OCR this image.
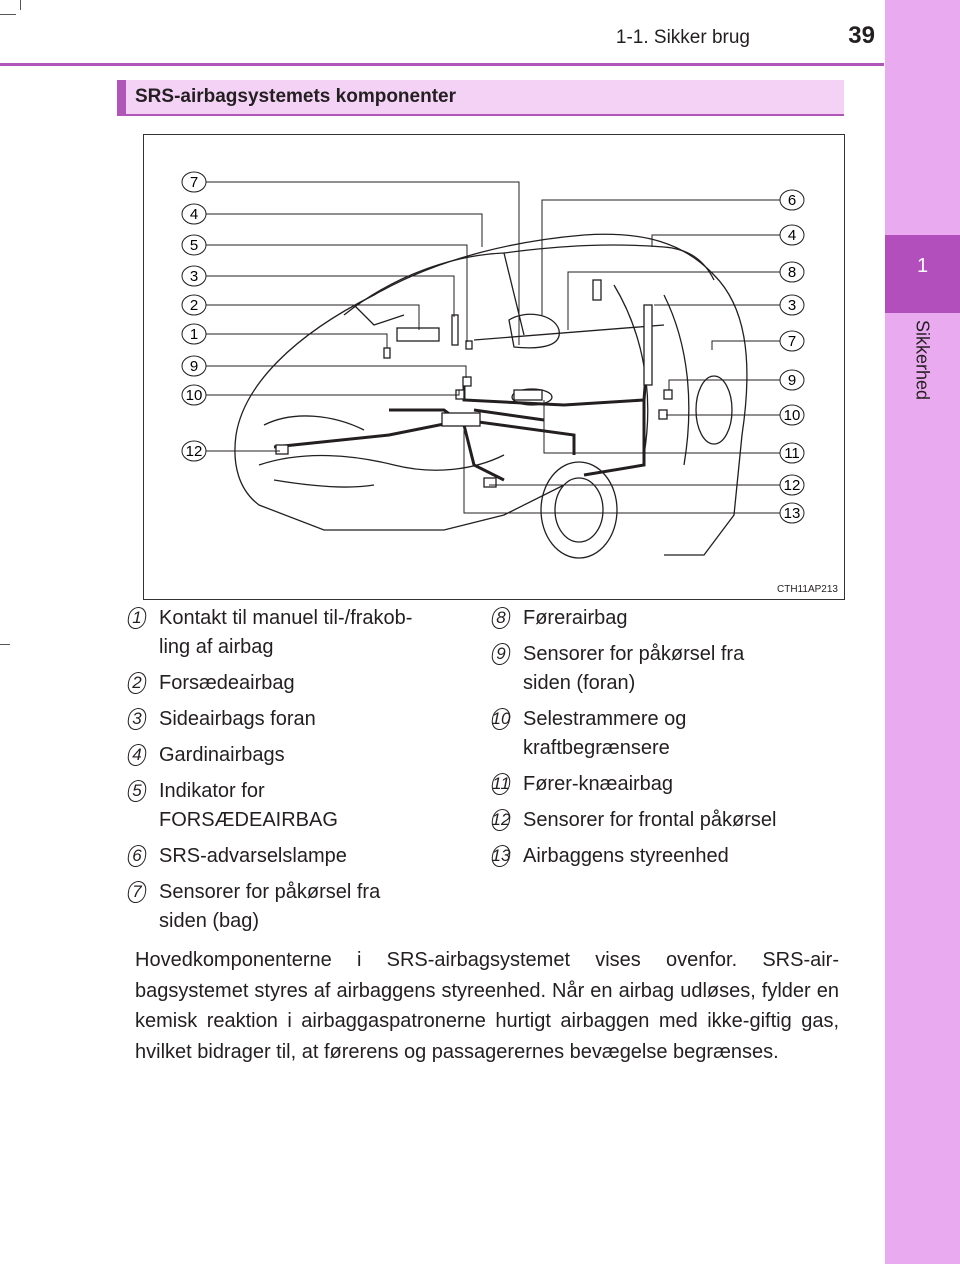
1
Sikkerhed
1-1. Sikker brug	39
SRS-airbagsystemets komponenter
7
4
5
3
2
1
9
10
12
6
4
8
3
7
9
10
11
12
13
CTH11AP213
1 Kontakt til manuel til-/frakob-
ling af airbag
2 Forsædeairbag
3 Sideairbags foran
4 Gardinairbags
5 Indikator for
FORSÆDEAIRBAG
6 SRS-advarselslampe
7 Sensorer for påkørsel fra
siden (bag)
8 Førerairbag
9 Sensorer for påkørsel fra
siden (foran)
10 Selestrammere og
kraftbegrænsere
11 Fører-knæairbag
12 Sensorer for frontal påkørsel
13 Airbaggens styreenhed
Hovedkomponenterne i SRS-airbagsystemet vises ovenfor. SRS-air-bagsystemet styres af airbaggens styreenhed. Når en airbag udløses, fylder en kemisk reaktion i airbaggaspatronerne hurtigt airbaggen med ikke-giftig gas, hvilket bidrager til, at førerens og passagerernes bevægelse begrænses.
